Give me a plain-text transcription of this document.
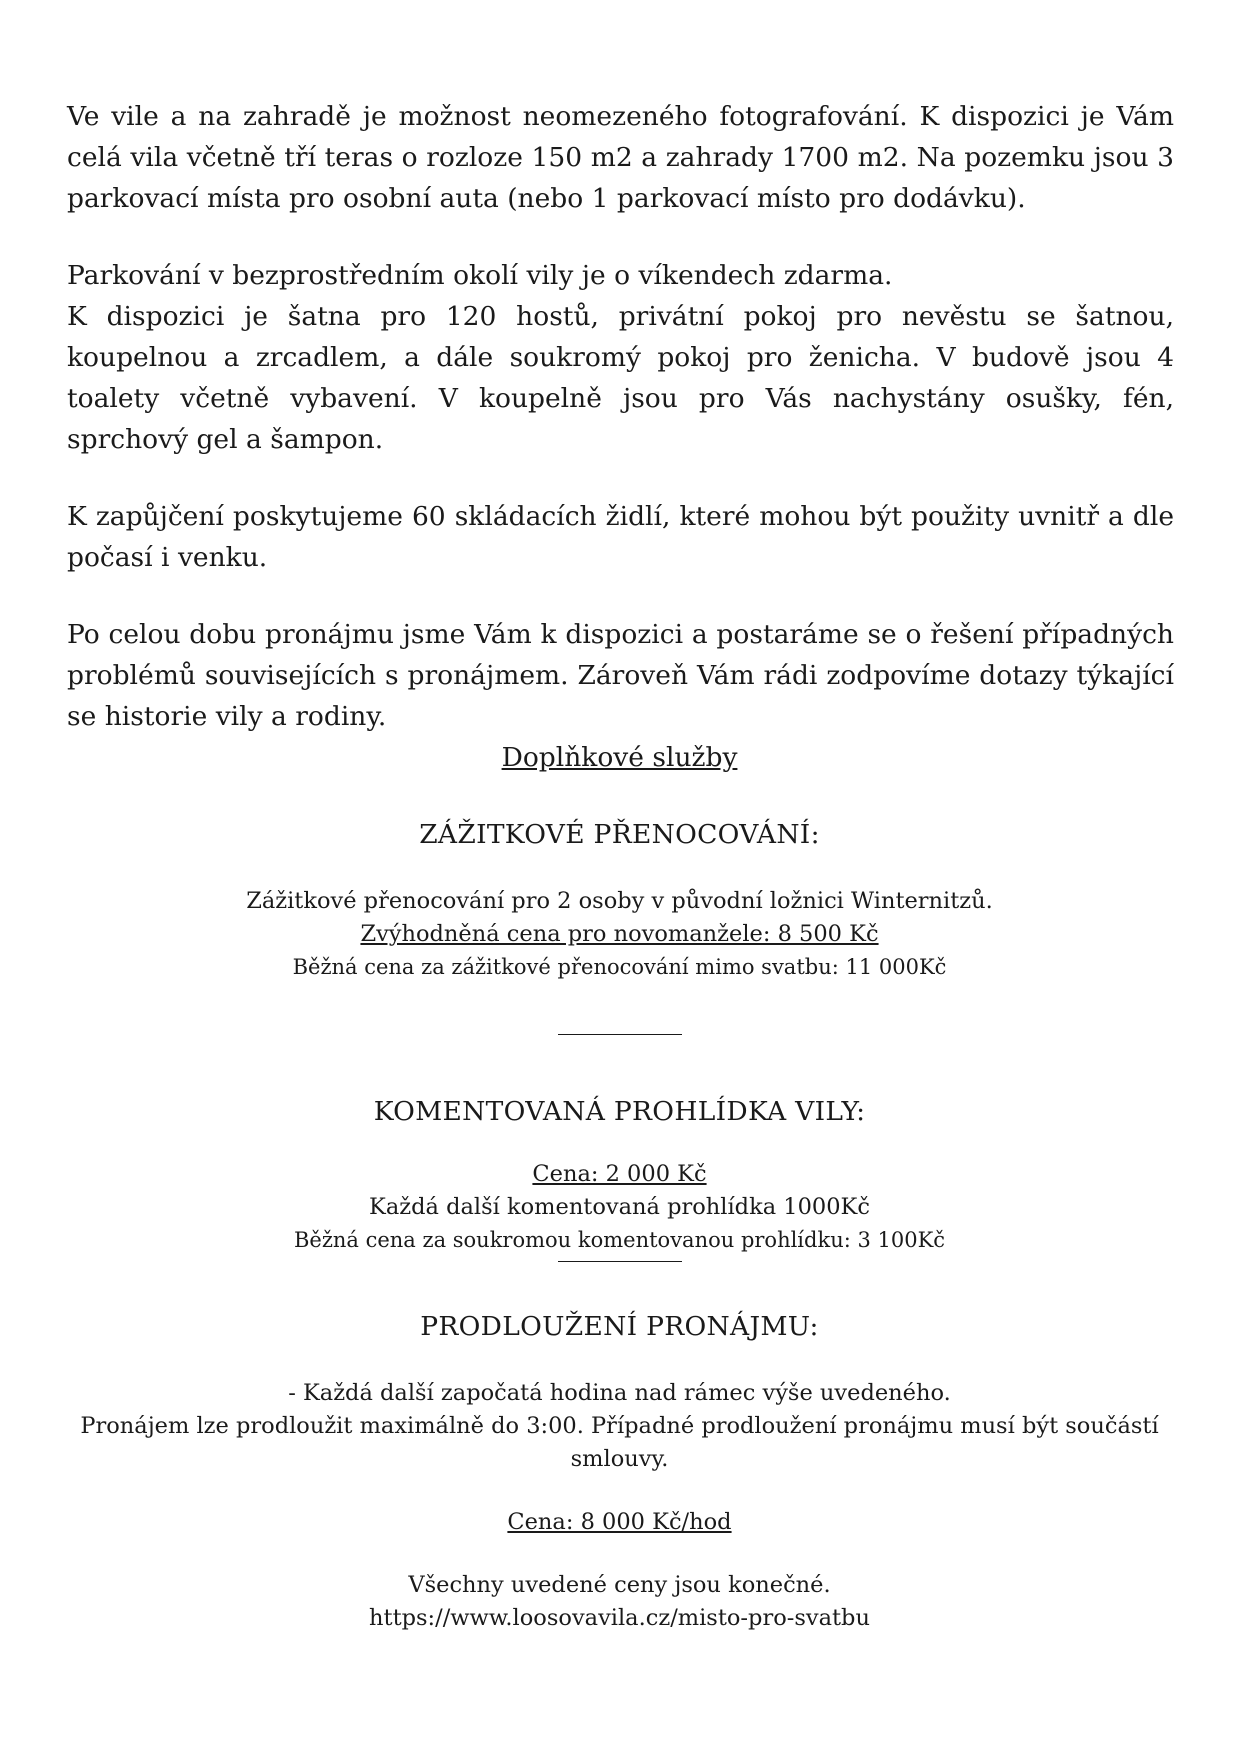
Ve vile a na zahradě je možnost neomezeného fotografování. K dispozici je Vám celá vila včetně tří teras o rozloze 150 m2 a zahrady 1700 m2. Na pozemku jsou 3 parkovací místa pro osobní auta (nebo 1 parkovací místo pro dodávku).

Parkování v bezprostředním okolí vily je o víkendech zdarma.

K dispozici je šatna pro 120 hostů, privátní pokoj pro nevěstu se šatnou, koupelnou a zrcadlem, a dále soukromý pokoj pro ženicha. V budově jsou 4 toalety včetně vybavení. V koupelně jsou pro Vás nachystány osušky, fén, sprchový gel a šampon.

K zapůjčení poskytujeme 60 skládacích židlí, které mohou být použity uvnitř a dle počasí i venku.

Po celou dobu pronájmu jsme Vám k dispozici a postaráme se o řešení případných problémů souvisejících s pronájmem. Zároveň Vám rádi zodpovíme dotazy týkající se historie vily a rodiny.

Doplňkové služby

ZÁŽITKOVÉ PŘENOCOVÁNÍ:

Zážitkové přenocování pro 2 osoby v původní ložnici Winternitzů.

Zvýhodněná cena pro novomanžele: 8 500 Kč

Běžná cena za zážitkové přenocování mimo svatbu: 11 000Kč

KOMENTOVANÁ PROHLÍDKA VILY:

Cena: 2 000 Kč

Každá další komentovaná prohlídka 1000Kč

Běžná cena za soukromou komentovanou prohlídku: 3 100Kč

PRODLOUŽENÍ PRONÁJMU:

- Každá další započatá hodina nad rámec výše uvedeného.

Pronájem lze prodloužit maximálně do 3:00. Případné prodloužení pronájmu musí být součástí smlouvy.

Cena: 8 000 Kč/hod

Všechny uvedené ceny jsou konečné.

https://www.loosovavila.cz/misto-pro-svatbu
